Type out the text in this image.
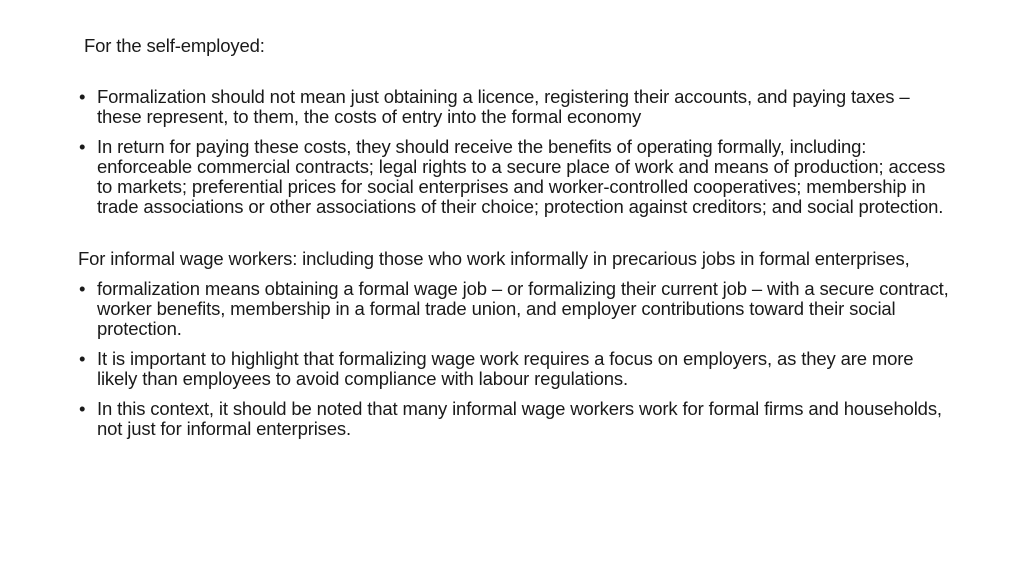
For the self-employed:
• Formalization should not mean just obtaining a licence, registering their accounts, and paying taxes – these represent, to them, the costs of entry into the formal economy
• In return for paying these costs, they should receive the benefits of operating formally, including: enforceable commercial contracts; legal rights to a secure place of work and means of production; access to markets; preferential prices for social enterprises and worker-controlled cooperatives; membership in trade associations or other associations of their choice; protection against creditors; and social protection.
For informal wage workers: including those who work informally in precarious jobs in formal enterprises,
• formalization means obtaining a formal wage job – or formalizing their current job – with a secure contract, worker benefits, membership in a formal trade union, and employer contributions toward their social protection.
• It is important to highlight that formalizing wage work requires a focus on employers, as they are more likely than employees to avoid compliance with labour regulations.
• In this context, it should be noted that many informal wage workers work for formal firms and households, not just for informal enterprises.
